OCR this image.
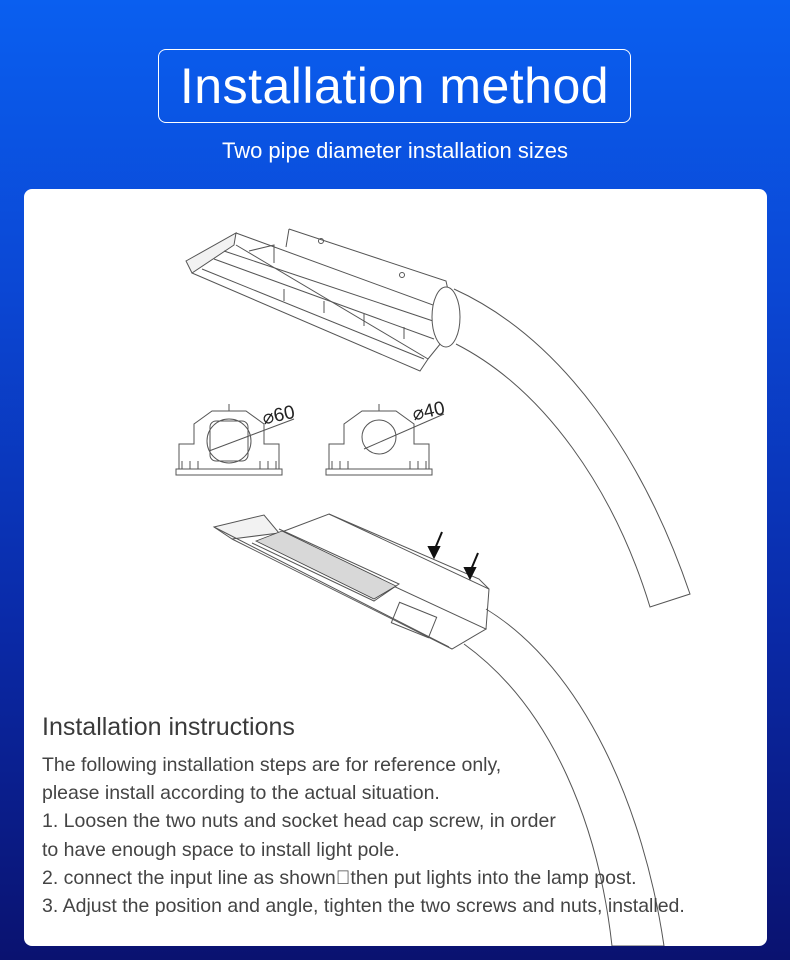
Installation method
Two pipe diameter installation sizes
⌀60	⌀40
Installation instructions
The following installation steps are for reference only,
please install according to the actual situation.
1. Loosen the two nuts and socket head cap screw, in order
to have enough space to install light pole.
2. connect the input line as shown then put lights into the lamp post.
3. Adjust the position and angle, tighten the two screws and nuts, installed.
